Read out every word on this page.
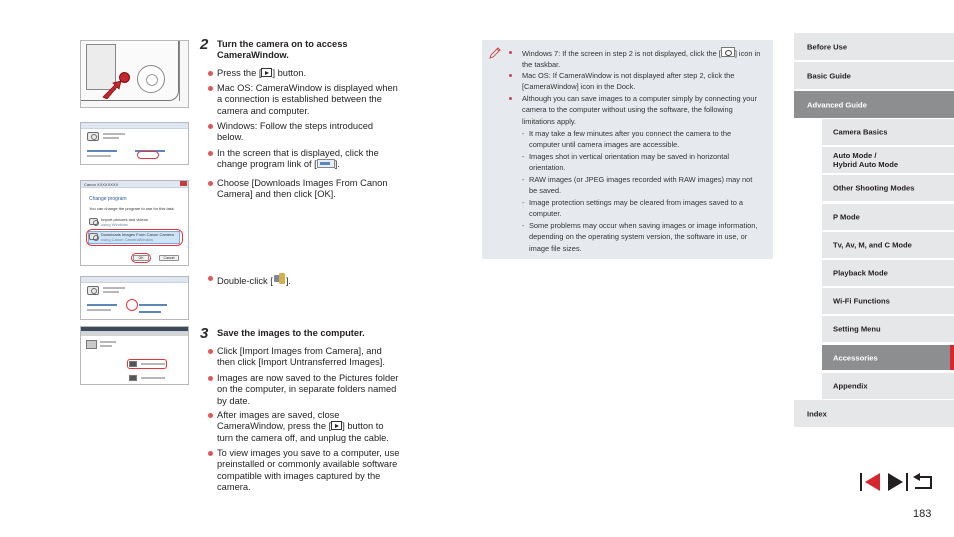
Canon XXXXXXXX
Change program
You can change the program to use for this task.
Import pictures and videos
using Windows
Downloads Images From Canon Camera
using Canon CameraWindow
OK	Cancel
2 Turn the camera on to access CameraWindow.
Press the [ ] button.
Mac OS: CameraWindow is displayed when a connection is established between the camera and computer.
Windows: Follow the steps introduced below.
In the screen that is displayed, click the change program link of [ ].
Choose [Downloads Images From Canon Camera] and then click [OK].
Double-click [ ].
3 Save the images to the computer.
Click [Import Images from Camera], and then click [Import Untransferred Images].
Images are now saved to the Pictures folder on the computer, in separate folders named by date.
After images are saved, close CameraWindow, press the [ ] button to turn the camera off, and unplug the cable.
To view images you save to a computer, use preinstalled or commonly available software compatible with images captured by the camera.
Windows 7: If the screen in step 2 is not displayed, click the [ ] icon in the taskbar.
Mac OS: If CameraWindow is not displayed after step 2, click the [CameraWindow] icon in the Dock.
Although you can save images to a computer simply by connecting your camera to the computer without using the software, the following limitations apply.
- It may take a few minutes after you connect the camera to the computer until camera images are accessible.
- Images shot in vertical orientation may be saved in horizontal orientation.
- RAW images (or JPEG images recorded with RAW images) may not be saved.
- Image protection settings may be cleared from images saved to a computer.
- Some problems may occur when saving images or image information, depending on the operating system version, the software in use, or image file sizes.
Before Use
Basic Guide
Advanced Guide
Camera Basics
Auto Mode /
Hybrid Auto Mode
Other Shooting Modes
P Mode
Tv, Av, M, and C Mode
Playback Mode
Wi-Fi Functions
Setting Menu
Accessories
Appendix
Index
183
